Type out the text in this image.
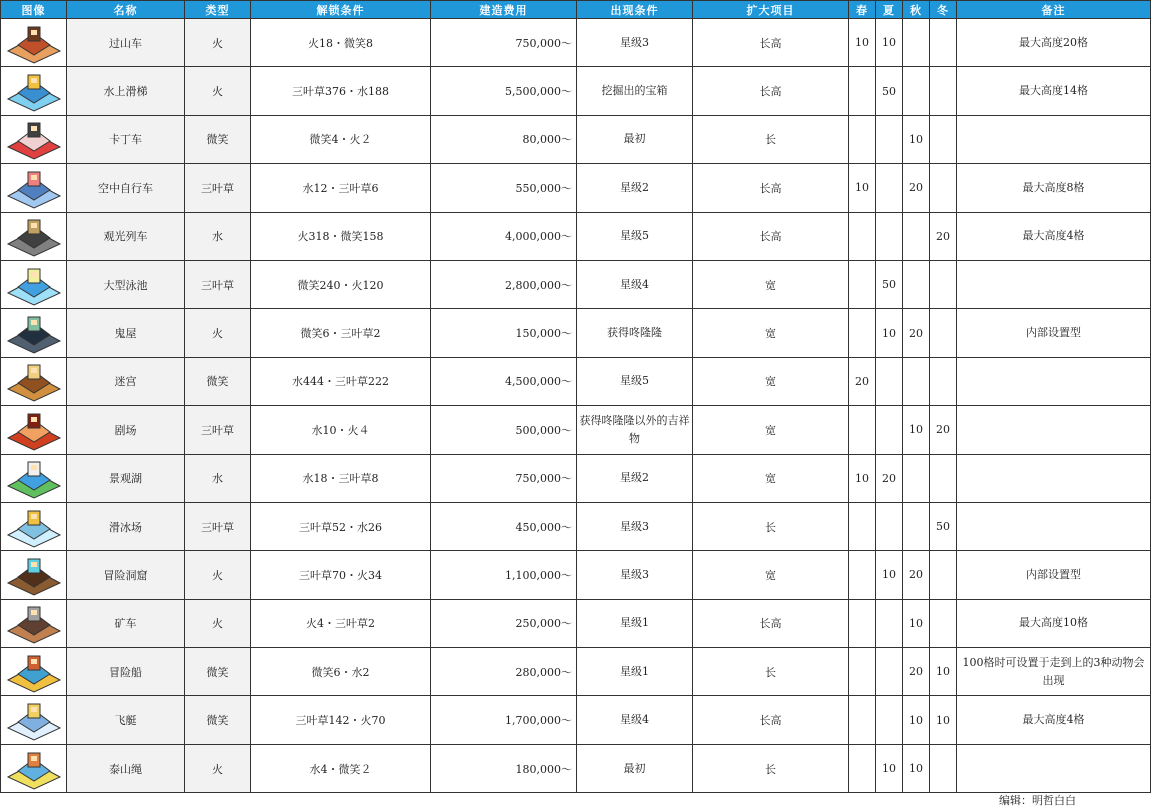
图像	名称	类型	解锁条件	建造费用	出现条件	扩大项目	春	夏	秋	冬	备注

	过山车	火	火18・微笑8	750,000～	星级3	长高	10	10			最大高度20格

	水上滑梯	火	三叶草376・水188	5,500,000～	挖掘出的宝箱	长高		50			最大高度14格

	卡丁车	微笑	微笑4・火２	80,000～	最初	长			10		

	空中自行车	三叶草	水12・三叶草6	550,000～	星级2	长高	10		20		最大高度8格

	观光列车	水	火318・微笑158	4,000,000～	星级5	长高				20	最大高度4格

	大型泳池	三叶草	微笑240・火120	2,800,000～	星级4	宽		50			

	鬼屋	火	微笑6・三叶草2	150,000～	获得咚隆隆	宽		10	20		内部设置型

	迷宫	微笑	水444・三叶草222	4,500,000～	星级5	宽	20				

	剧场	三叶草	水10・火４	500,000～	获得咚隆隆以外的吉祥物	宽			10	20	

	景观湖	水	水18・三叶草8	750,000～	星级2	宽	10	20			

	滑冰场	三叶草	三叶草52・水26	450,000～	星级3	长				50	

	冒险洞窟	火	三叶草70・火34	1,100,000～	星级3	宽		10	20		内部设置型

	矿车	火	火4・三叶草2	250,000～	星级1	长高			10		最大高度10格

	冒险船	微笑	微笑6・水2	280,000～	星级1	长			20	10	100格时可设置于走到上的3种动物会出现

	飞艇	微笑	三叶草142・火70	1,700,000～	星级4	长高			10	10	最大高度4格

	泰山绳	火	水4・微笑２	180,000～	最初	长		10	10		
编辑：明哲白白
